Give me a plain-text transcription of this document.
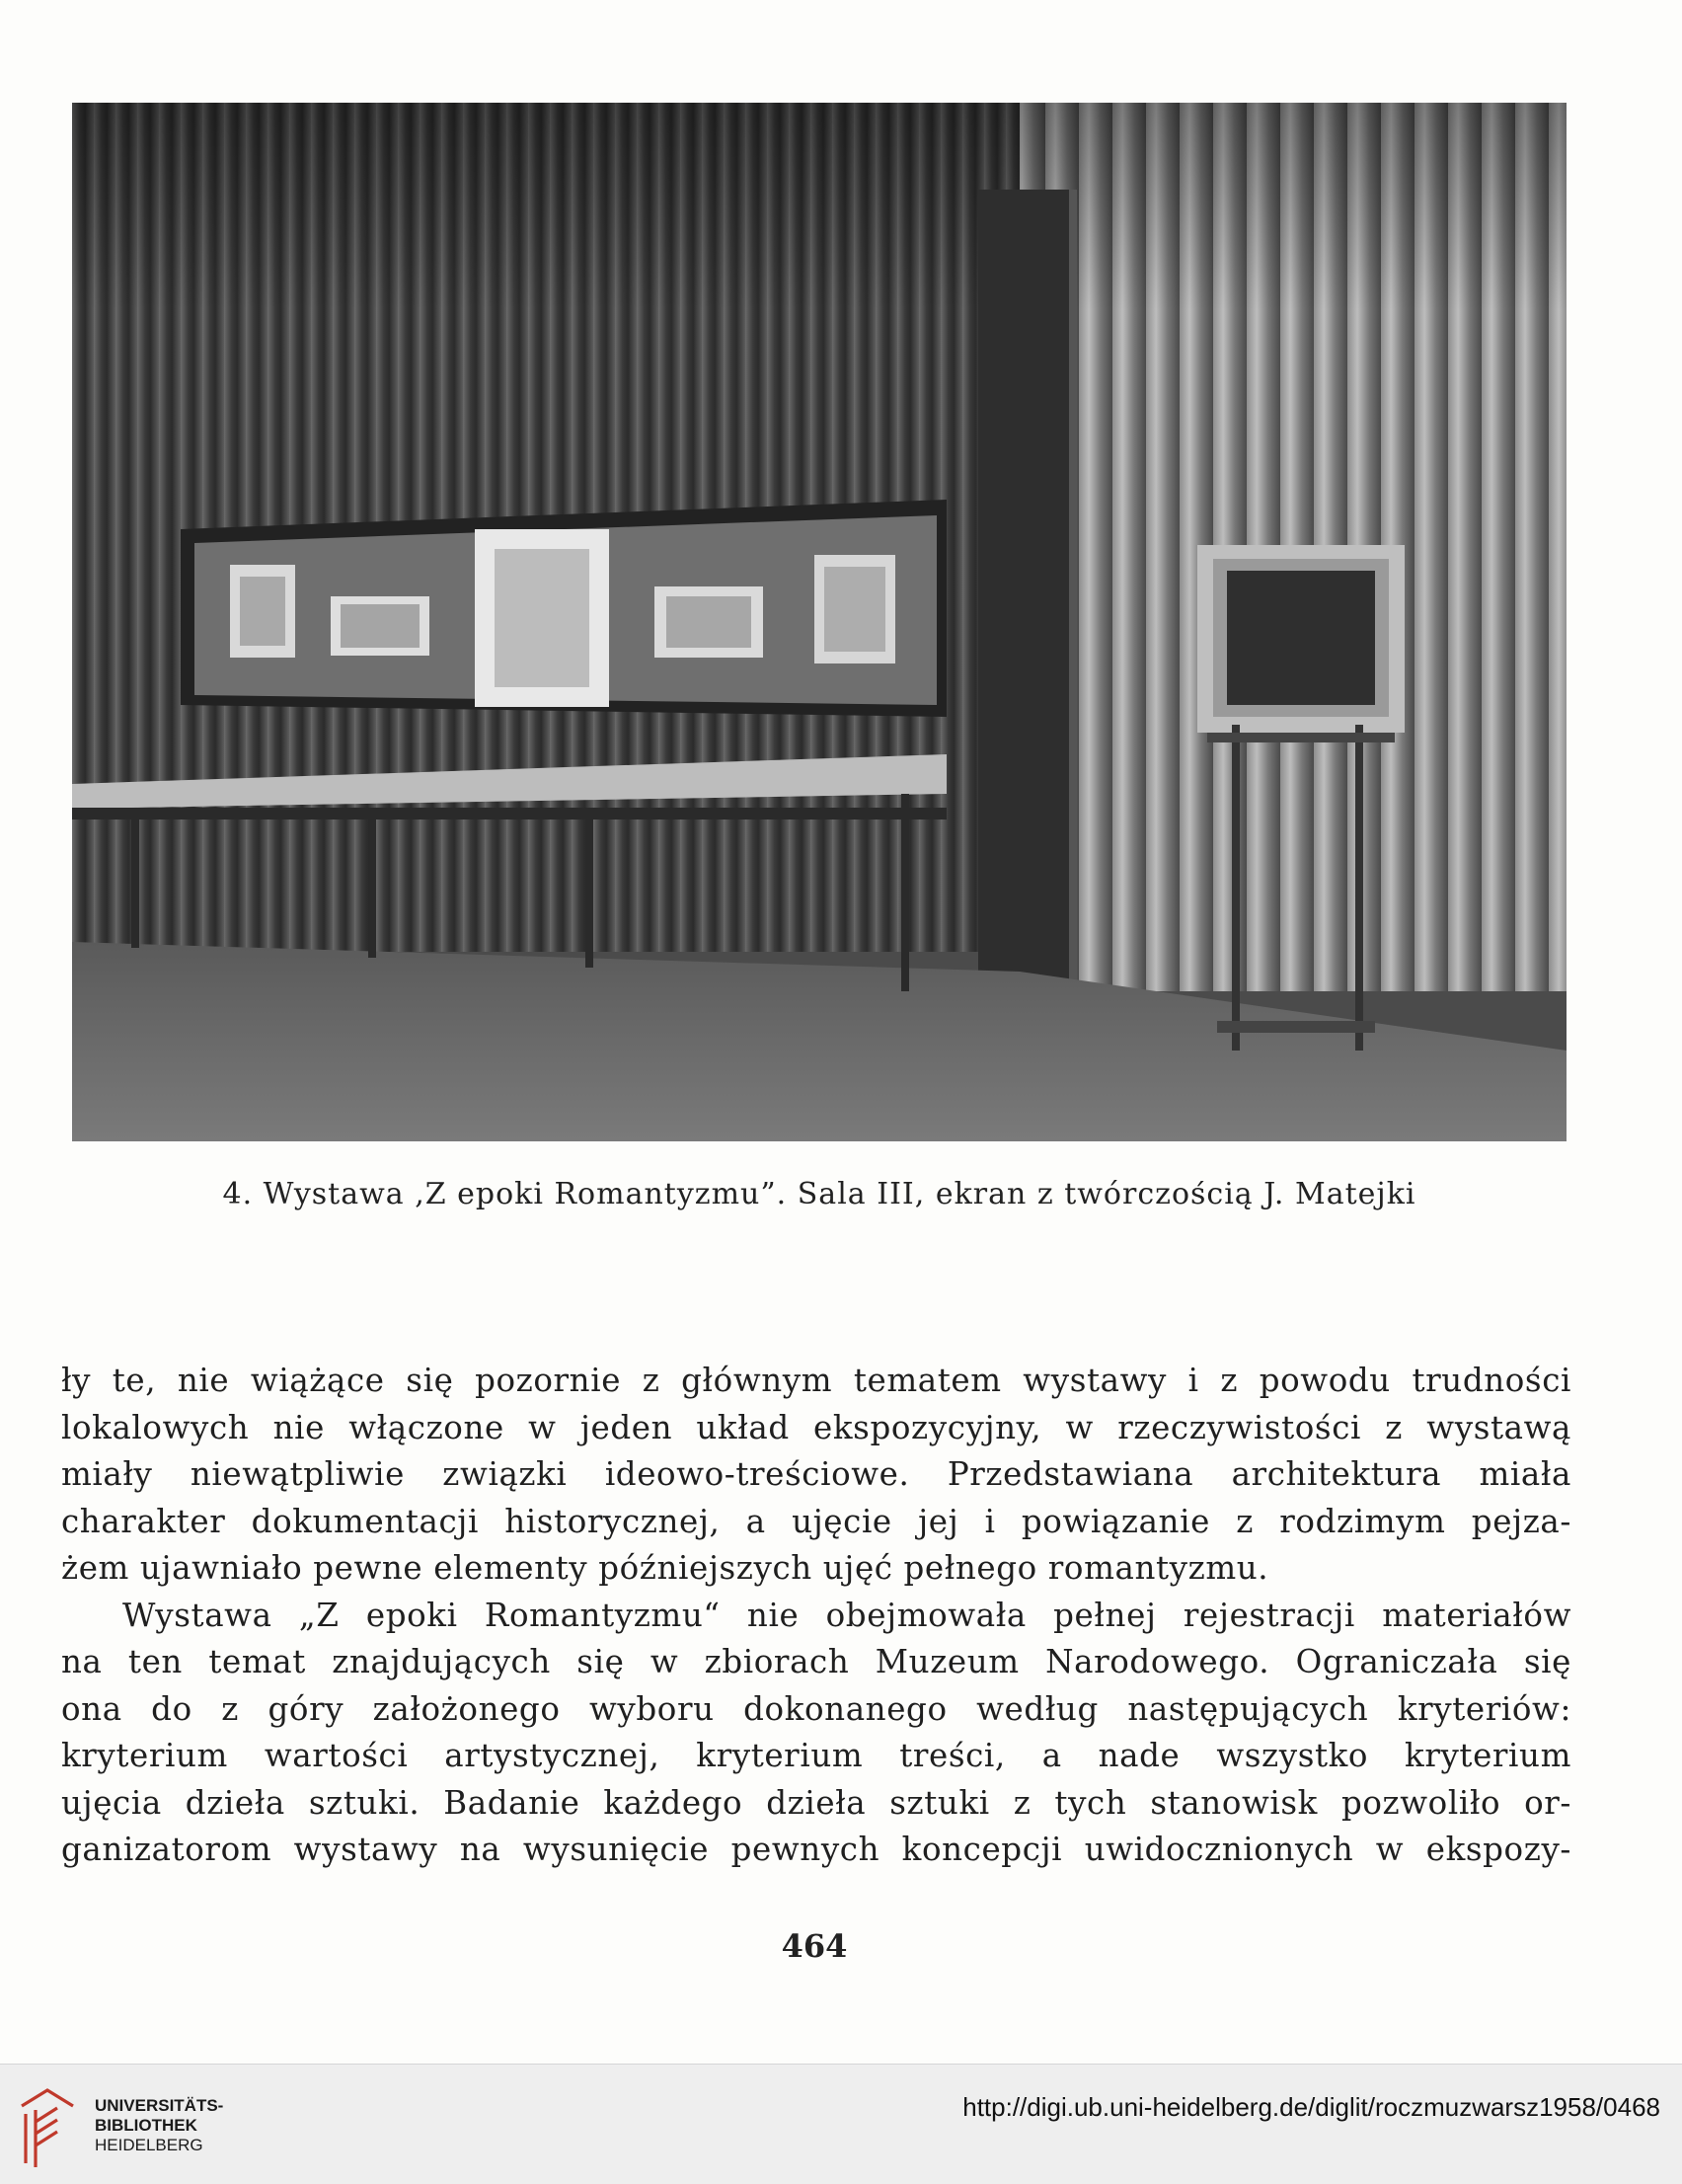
4. Wystawa ,Z epoki Romantyzmu”. Sala III, ekran z twórczością J. Matejki
ły te, nie wiążące się pozornie z głównym tematem wystawy i z powodu trudności
lokalowych nie włączone w jeden układ ekspozycyjny, w rzeczywistości z wystawą
miały niewątpliwie związki ideowo-treściowe. Przedstawiana architektura miała
charakter dokumentacji historycznej, a ujęcie jej i powiązanie z rodzimym pejza-
żem ujawniało pewne elementy późniejszych ujęć pełnego romantyzmu.
Wystawa „Z epoki Romantyzmu“ nie obejmowała pełnej rejestracji materiałów
na ten temat znajdujących się w zbiorach Muzeum Narodowego. Ograniczała się
ona do z góry założonego wyboru dokonanego według następujących kryteriów:
kryterium wartości artystycznej, kryterium treści, a nade wszystko kryterium
ujęcia dzieła sztuki. Badanie każdego dzieła sztuki z tych stanowisk pozwoliło or-
ganizatorom wystawy na wysunięcie pewnych koncepcji uwidocznionych w ekspozy-
464
UNIVERSITÄTS-
BIBLIOTHEK
HEIDELBERG
http://digi.ub.uni-heidelberg.de/diglit/roczmuzwarsz1958/0468
